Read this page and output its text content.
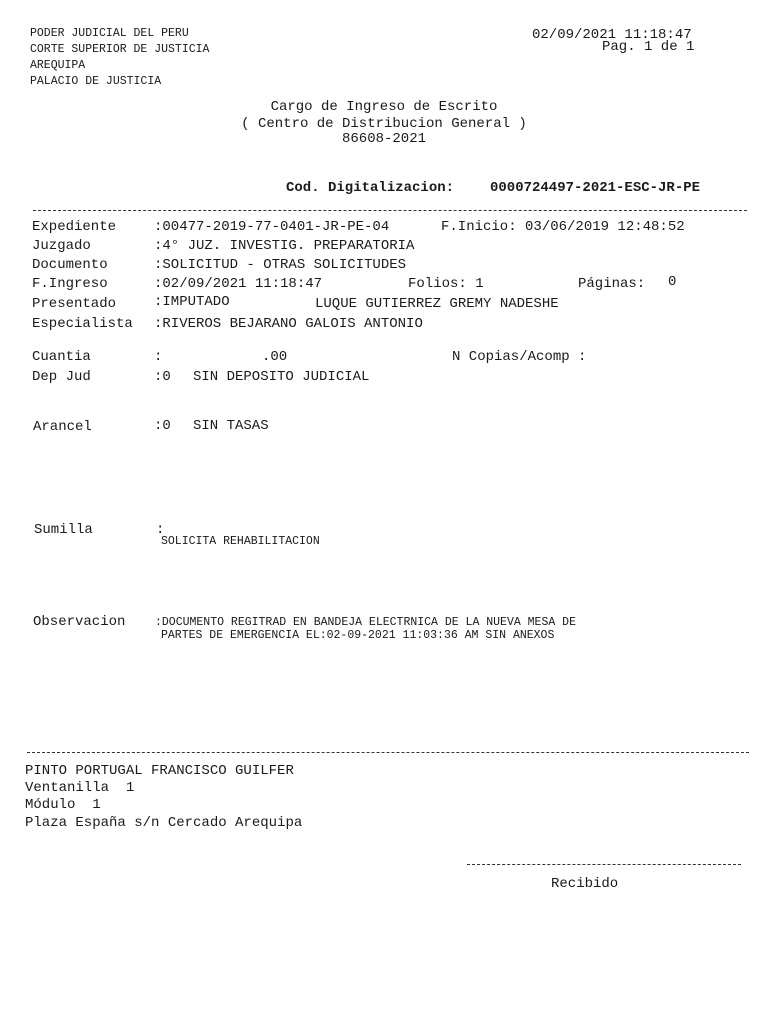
PODER JUDICIAL DEL PERU
CORTE SUPERIOR DE JUSTICIA
AREQUIPA
PALACIO DE JUSTICIA
02/09/2021 11:18:47
Pag. 1 de 1
Cargo de Ingreso de Escrito
( Centro de Distribucion General )
86608-2021
Cod. Digitalizacion:	0000724497-2021-ESC-JR-PE
Expediente	:00477-2019-77-0401-JR-PE-04	F.Inicio: 03/06/2019 12:48:52
Juzgado	:4° JUZ. INVESTIG. PREPARATORIA
Documento	:SOLICITUD - OTRAS SOLICITUDES
F.Ingreso	:02/09/2021 11:18:47	Folios: 1	Páginas: 0
Presentado	:IMPUTADO	LUQUE GUTIERREZ GREMY NADESHE
Especialista :RIVEROS BEJARANO GALOIS ANTONIO
Cuantia	:	.00	N Copias/Acomp :
Dep Jud	:0 SIN DEPOSITO JUDICIAL
Arancel	:0 SIN TASAS
Sumilla	:
SOLICITA REHABILITACION
Observacion	:DOCUMENTO REGITRAD EN BANDEJA ELECTRNICA DE LA NUEVA MESA DE
PARTES DE EMERGENCIA EL:02-09-2021 11:03:36 AM SIN ANEXOS
PINTO PORTUGAL FRANCISCO GUILFER
Ventanilla  1
Módulo  1
Plaza España s/n Cercado Arequipa
Recibido
